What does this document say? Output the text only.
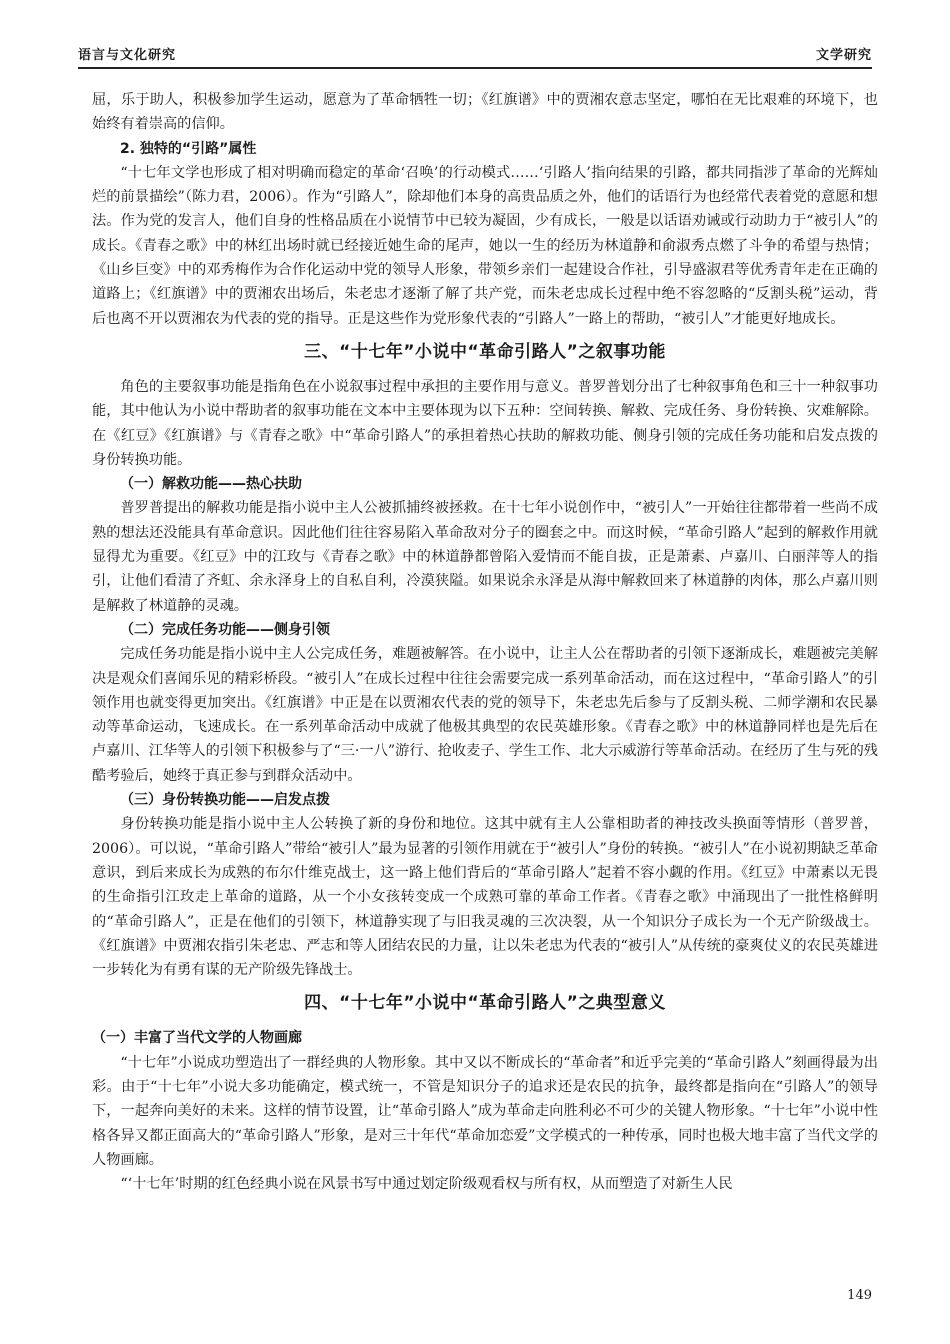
语言与文化研究	文学研究

屈，乐于助人，积极参加学生运动，愿意为了革命牺牲一切；《红旗谱》中的贾湘农意志坚定，哪怕在无比艰难的环境下，也始终有着崇高的信仰。

2. 独特的“引路”属性

“十七年文学也形成了相对明确而稳定的革命‘召唤’的行动模式……‘引路人’指向结果的引路，都共同指涉了革命的光辉灿烂的前景描绘”（陈力君，2006）。作为“引路人”，除却他们本身的高贵品质之外，他们的话语行为也经常代表着党的意愿和想法。作为党的发言人，他们自身的性格品质在小说情节中已较为凝固，少有成长，一般是以话语劝诫或行动助力于“被引人”的成长。《青春之歌》中的林红出场时就已经接近她生命的尾声，她以一生的经历为林道静和俞淑秀点燃了斗争的希望与热情；《山乡巨变》中的邓秀梅作为合作化运动中党的领导人形象，带领乡亲们一起建设合作社，引导盛淑君等优秀青年走在正确的道路上；《红旗谱》中的贾湘农出场后，朱老忠才逐渐了解了共产党，而朱老忠成长过程中绝不容忽略的“反割头税”运动，背后也离不开以贾湘农为代表的党的指导。正是这些作为党形象代表的“引路人”一路上的帮助，“被引人”才能更好地成长。

三、“十七年”小说中“革命引路人”之叙事功能

角色的主要叙事功能是指角色在小说叙事过程中承担的主要作用与意义。普罗普划分出了七种叙事角色和三十一种叙事功能，其中他认为小说中帮助者的叙事功能在文本中主要体现为以下五种：空间转换、解救、完成任务、身份转换、灾难解除。在《红豆》《红旗谱》与《青春之歌》中“革命引路人”的承担着热心扶助的解救功能、侧身引领的完成任务功能和启发点拨的身份转换功能。

（一）解救功能——热心扶助

普罗普提出的解救功能是指小说中主人公被抓捕终被拯救。在十七年小说创作中，“被引人”一开始往往都带着一些尚不成熟的想法还没能具有革命意识。因此他们往往容易陷入革命敌对分子的圈套之中。而这时候，“革命引路人”起到的解救作用就显得尤为重要。《红豆》中的江玫与《青春之歌》中的林道静都曾陷入爱情而不能自拔，正是萧素、卢嘉川、白丽萍等人的指引，让他们看清了齐虹、余永泽身上的自私自利，冷漠狭隘。如果说余永泽是从海中解救回来了林道静的肉体，那么卢嘉川则是解救了林道静的灵魂。

（二）完成任务功能——侧身引领

完成任务功能是指小说中主人公完成任务，难题被解答。在小说中，让主人公在帮助者的引领下逐渐成长，难题被完美解决是观众们喜闻乐见的精彩桥段。“被引人”在成长过程中往往会需要完成一系列革命活动，而在这过程中，“革命引路人”的引领作用也就变得更加突出。《红旗谱》中正是在以贾湘农代表的党的领导下，朱老忠先后参与了反割头税、二师学潮和农民暴动等革命运动，飞速成长。在一系列革命活动中成就了他极其典型的农民英雄形象。《青春之歌》中的林道静同样也是先后在卢嘉川、江华等人的引领下积极参与了“三·一八”游行、抢收麦子、学生工作、北大示威游行等革命活动。在经历了生与死的残酷考验后，她终于真正参与到群众活动中。

（三）身份转换功能——启发点拨

身份转换功能是指小说中主人公转换了新的身份和地位。这其中就有主人公靠相助者的神技改头换面等情形（普罗普，2006）。可以说，“革命引路人”带给“被引人”最为显著的引领作用就在于“被引人”身份的转换。“被引人”在小说初期缺乏革命意识，到后来成长为成熟的布尔什维克战士，这一路上他们背后的“革命引路人”起着不容小觑的作用。《红豆》中萧素以无畏的生命指引江玫走上革命的道路，从一个小女孩转变成一个成熟可靠的革命工作者。《青春之歌》中涌现出了一批性格鲜明的“革命引路人”，正是在他们的引领下，林道静实现了与旧我灵魂的三次决裂，从一个知识分子成长为一个无产阶级战士。《红旗谱》中贾湘农指引朱老忠、严志和等人团结农民的力量，让以朱老忠为代表的“被引人”从传统的豪爽仗义的农民英雄进一步转化为有勇有谋的无产阶级先锋战士。

四、“十七年”小说中“革命引路人”之典型意义
（一）丰富了当代文学的人物画廊

“十七年”小说成功塑造出了一群经典的人物形象。其中又以不断成长的“革命者”和近乎完美的“革命引路人”刻画得最为出彩。由于“十七年”小说大多功能确定，模式统一，不管是知识分子的追求还是农民的抗争，最终都是指向在“引路人”的领导下，一起奔向美好的未来。这样的情节设置，让“革命引路人”成为革命走向胜利必不可少的关键人物形象。“十七年”小说中性格各异又都正面高大的“革命引路人”形象，是对三十年代“革命加恋爱”文学模式的一种传承，同时也极大地丰富了当代文学的人物画廊。

“‘十七年’时期的红色经典小说在风景书写中通过划定阶级观看权与所有权，从而塑造了对新生人民

149
